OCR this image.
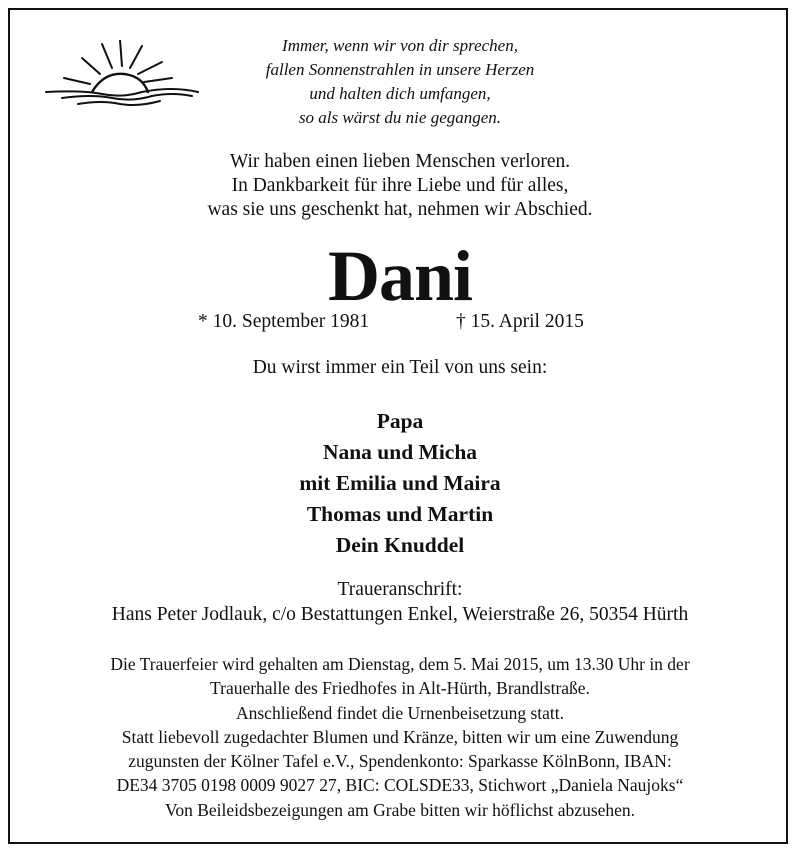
Immer, wenn wir von dir sprechen,
fallen Sonnenstrahlen in unsere Herzen
und halten dich umfangen,
so als wärst du nie gegangen.
Wir haben einen lieben Menschen verloren.
In Dankbarkeit für ihre Liebe und für alles,
was sie uns geschenkt hat, nehmen wir Abschied.
Dani
* 10. September 1981	† 15. April 2015
Du wirst immer ein Teil von uns sein:
Papa
Nana und Micha
mit Emilia und Maira
Thomas und Martin
Dein Knuddel
Traueranschrift:
Hans Peter Jodlauk, c/o Bestattungen Enkel, Weierstraße 26, 50354 Hürth
Die Trauerfeier wird gehalten am Dienstag, dem 5. Mai 2015, um 13.30 Uhr in der
Trauerhalle des Friedhofes in Alt-Hürth, Brandlstraße.
Anschließend findet die Urnenbeisetzung statt.
Statt liebevoll zugedachter Blumen und Kränze, bitten wir um eine Zuwendung
zugunsten der Kölner Tafel e.V., Spendenkonto: Sparkasse KölnBonn, IBAN:
DE34 3705 0198 0009 9027 27, BIC: COLSDE33, Stichwort „Daniela Naujoks“
Von Beileidsbezeigungen am Grabe bitten wir höflichst abzusehen.
